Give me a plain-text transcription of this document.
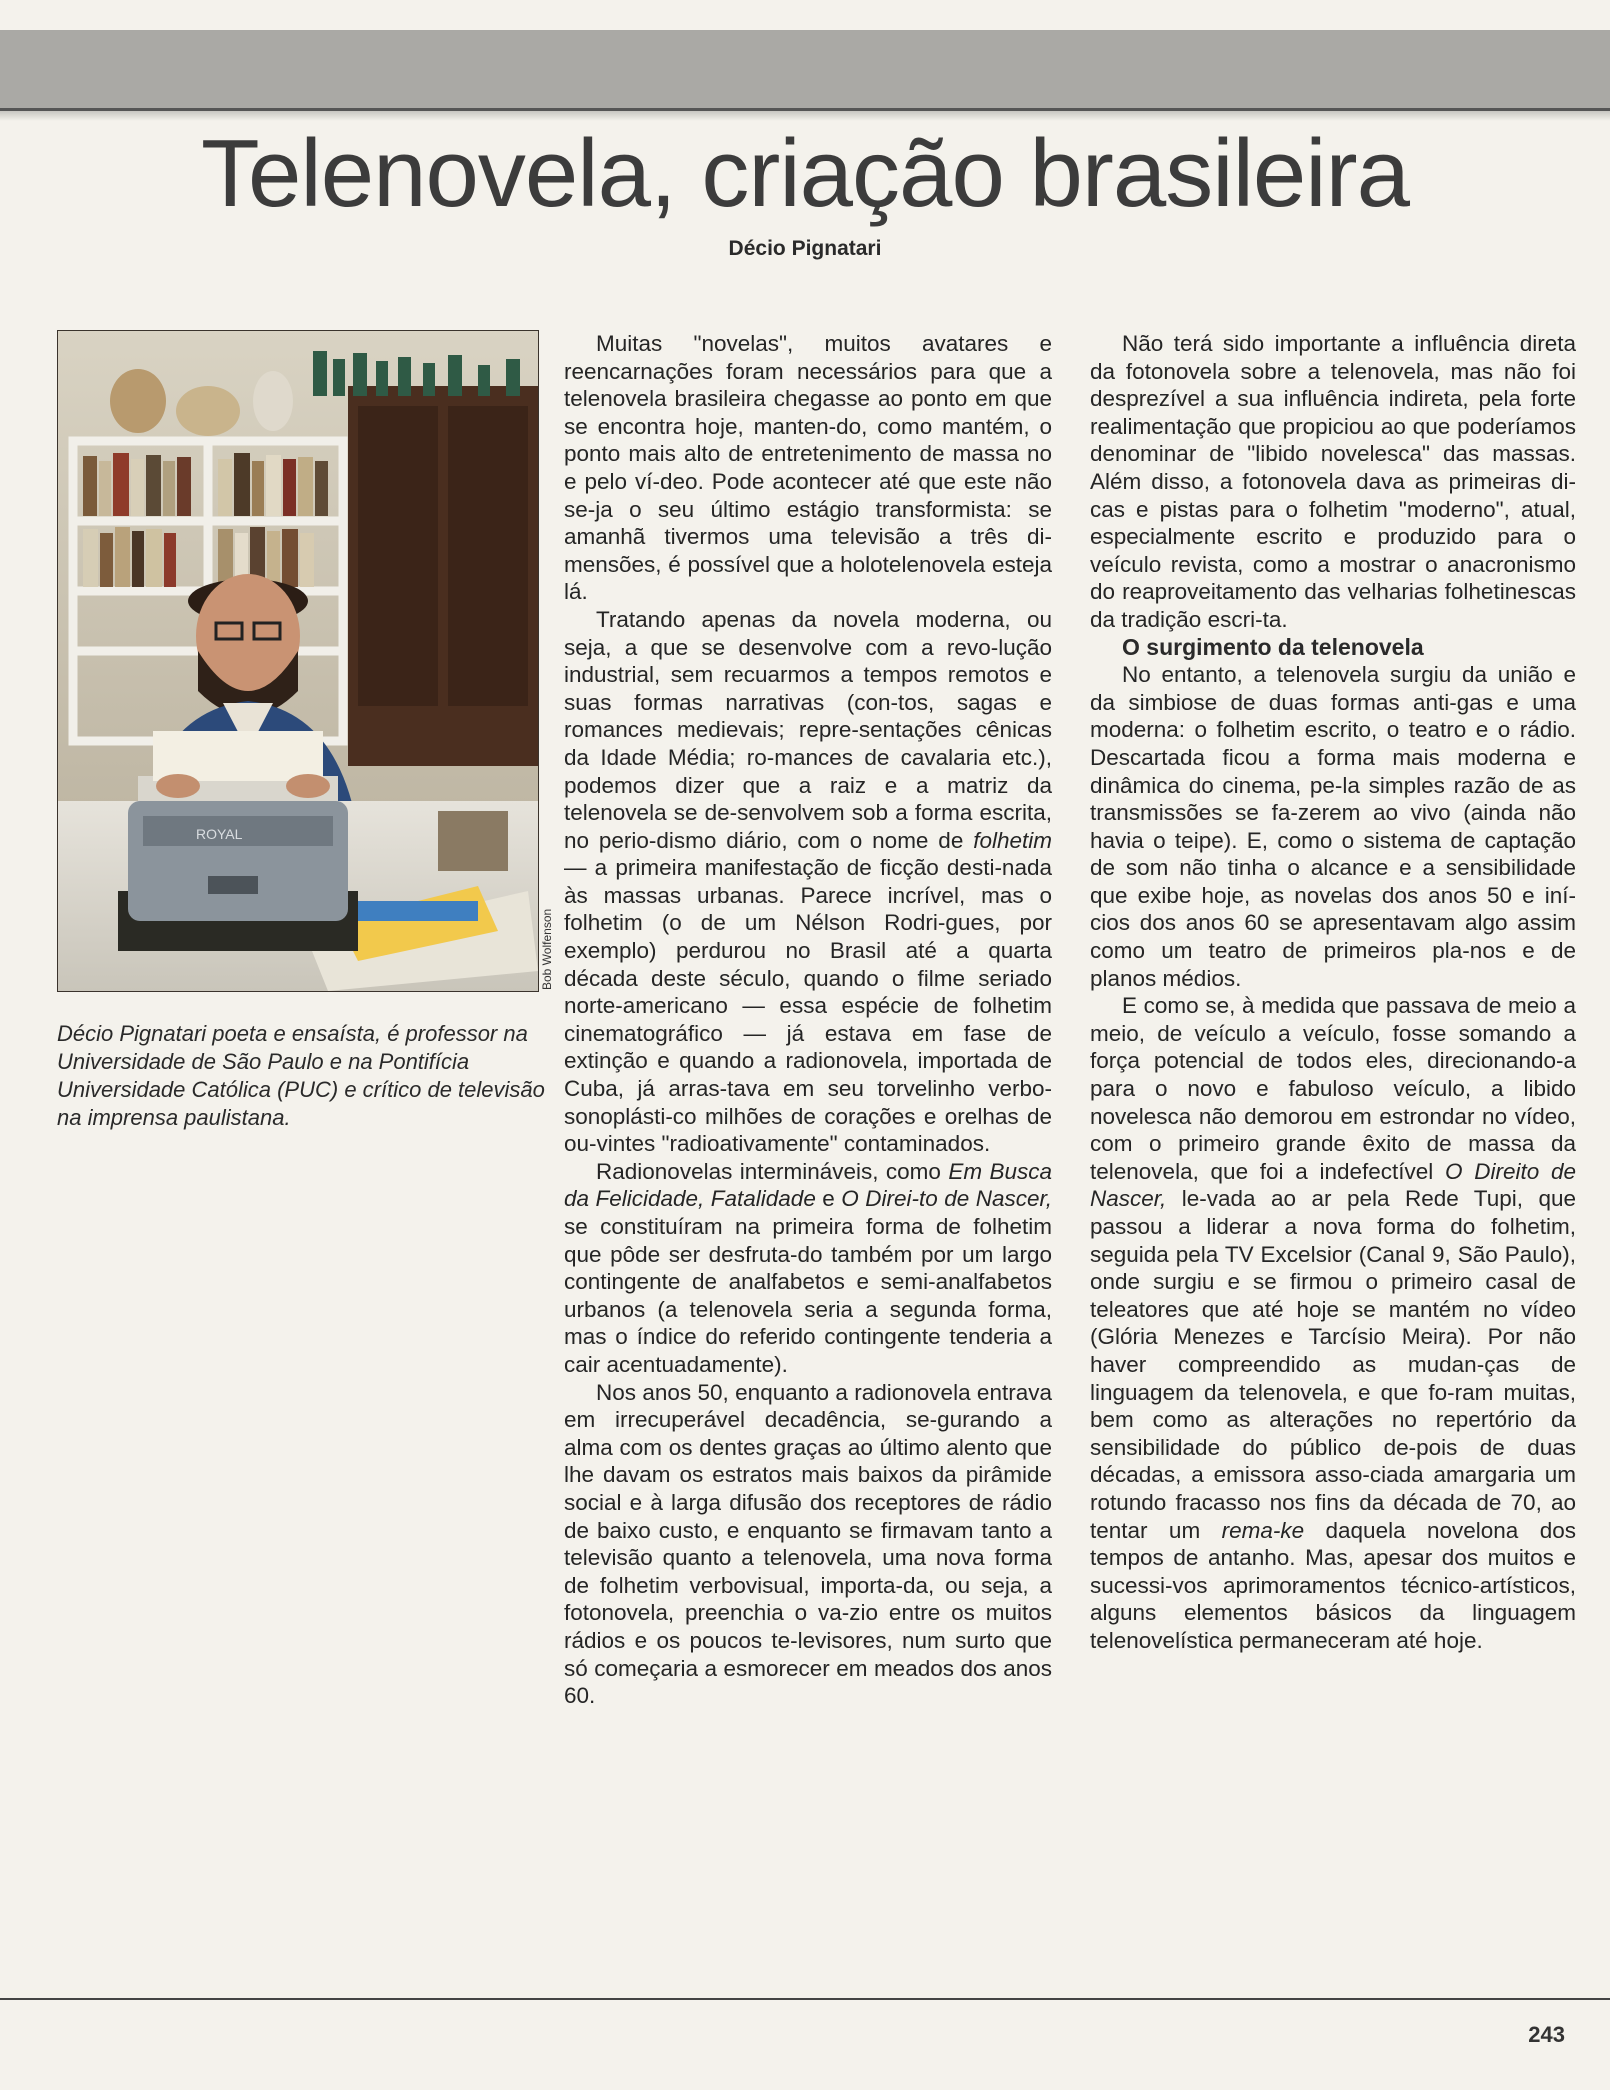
Telenovela, criação brasileira
Décio Pignatari
ROYAL
Bob Wolfenson
Décio Pignatari poeta e ensaísta, é professor na Universidade de São Paulo e na Pontifícia Universidade Católica (PUC) e crítico de televisão na imprensa paulistana.

Muitas "novelas", muitos avatares e reencarnações foram necessários para que a telenovela brasileira chegasse ao ponto em que se encontra hoje, manten-do, como mantém, o ponto mais alto de entretenimento de massa no e pelo ví-deo. Pode acontecer até que este não se-ja o seu último estágio transformista: se amanhã tivermos uma televisão a três di-mensões, é possível que a holotelenovela esteja lá.

Tratando apenas da novela moderna, ou seja, a que se desenvolve com a revo-lução industrial, sem recuarmos a tempos remotos e suas formas narrativas (con-tos, sagas e romances medievais; repre-sentações cênicas da Idade Média; ro-mances de cavalaria etc.), podemos dizer que a raiz e a matriz da telenovela se de-senvolvem sob a forma escrita, no perio-dismo diário, com o nome de folhetim — a primeira manifestação de ficção desti-nada às massas urbanas. Parece incrível, mas o folhetim (o de um Nélson Rodri-gues, por exemplo) perdurou no Brasil até a quarta década deste século, quando o filme seriado norte-americano — essa espécie de folhetim cinematográfico — já estava em fase de extinção e quando a radionovela, importada de Cuba, já arras-tava em seu torvelinho verbo-sonoplásti-co milhões de corações e orelhas de ou-vintes "radioativamente" contaminados.

Radionovelas intermináveis, como Em Busca da Felicidade, Fatalidade e O Direi-to de Nascer, se constituíram na primeira forma de folhetim que pôde ser desfruta-do também por um largo contingente de analfabetos e semi-analfabetos urbanos (a telenovela seria a segunda forma, mas o índice do referido contingente tenderia a cair acentuadamente).

Nos anos 50, enquanto a radionovela entrava em irrecuperável decadência, se-gurando a alma com os dentes graças ao último alento que lhe davam os estratos mais baixos da pirâmide social e à larga difusão dos receptores de rádio de baixo custo, e enquanto se firmavam tanto a televisão quanto a telenovela, uma nova forma de folhetim verbovisual, importa-da, ou seja, a fotonovela, preenchia o va-zio entre os muitos rádios e os poucos te-levisores, num surto que só começaria a esmorecer em meados dos anos 60.

Não terá sido importante a influência direta da fotonovela sobre a telenovela, mas não foi desprezível a sua influência indireta, pela forte realimentação que propiciou ao que poderíamos denominar de "libido novelesca" das massas. Além disso, a fotonovela dava as primeiras di-cas e pistas para o folhetim "moderno", atual, especialmente escrito e produzido para o veículo revista, como a mostrar o anacronismo do reaproveitamento das velharias folhetinescas da tradição escri-ta.

O surgimento da telenovela

No entanto, a telenovela surgiu da união e da simbiose de duas formas anti-gas e uma moderna: o folhetim escrito, o teatro e o rádio. Descartada ficou a forma mais moderna e dinâmica do cinema, pe-la simples razão de as transmissões se fa-zerem ao vivo (ainda não havia o teipe). E, como o sistema de captação de som não tinha o alcance e a sensibilidade que exibe hoje, as novelas dos anos 50 e iní-cios dos anos 60 se apresentavam algo assim como um teatro de primeiros pla-nos e de planos médios.

E como se, à medida que passava de meio a meio, de veículo a veículo, fosse somando a força potencial de todos eles, direcionando-a para o novo e fabuloso veículo, a libido novelesca não demorou em estrondar no vídeo, com o primeiro grande êxito de massa da telenovela, que foi a indefectível O Direito de Nascer, le-vada ao ar pela Rede Tupi, que passou a liderar a nova forma do folhetim, seguida pela TV Excelsior (Canal 9, São Paulo), onde surgiu e se firmou o primeiro casal de teleatores que até hoje se mantém no vídeo (Glória Menezes e Tarcísio Meira). Por não haver compreendido as mudan-ças de linguagem da telenovela, e que fo-ram muitas, bem como as alterações no repertório da sensibilidade do público de-pois de duas décadas, a emissora asso-ciada amargaria um rotundo fracasso nos fins da década de 70, ao tentar um rema-ke daquela novelona dos tempos de antanho. Mas, apesar dos muitos e sucessi-vos aprimoramentos técnico-artísticos, alguns elementos básicos da linguagem telenovelística permaneceram até hoje.

243
